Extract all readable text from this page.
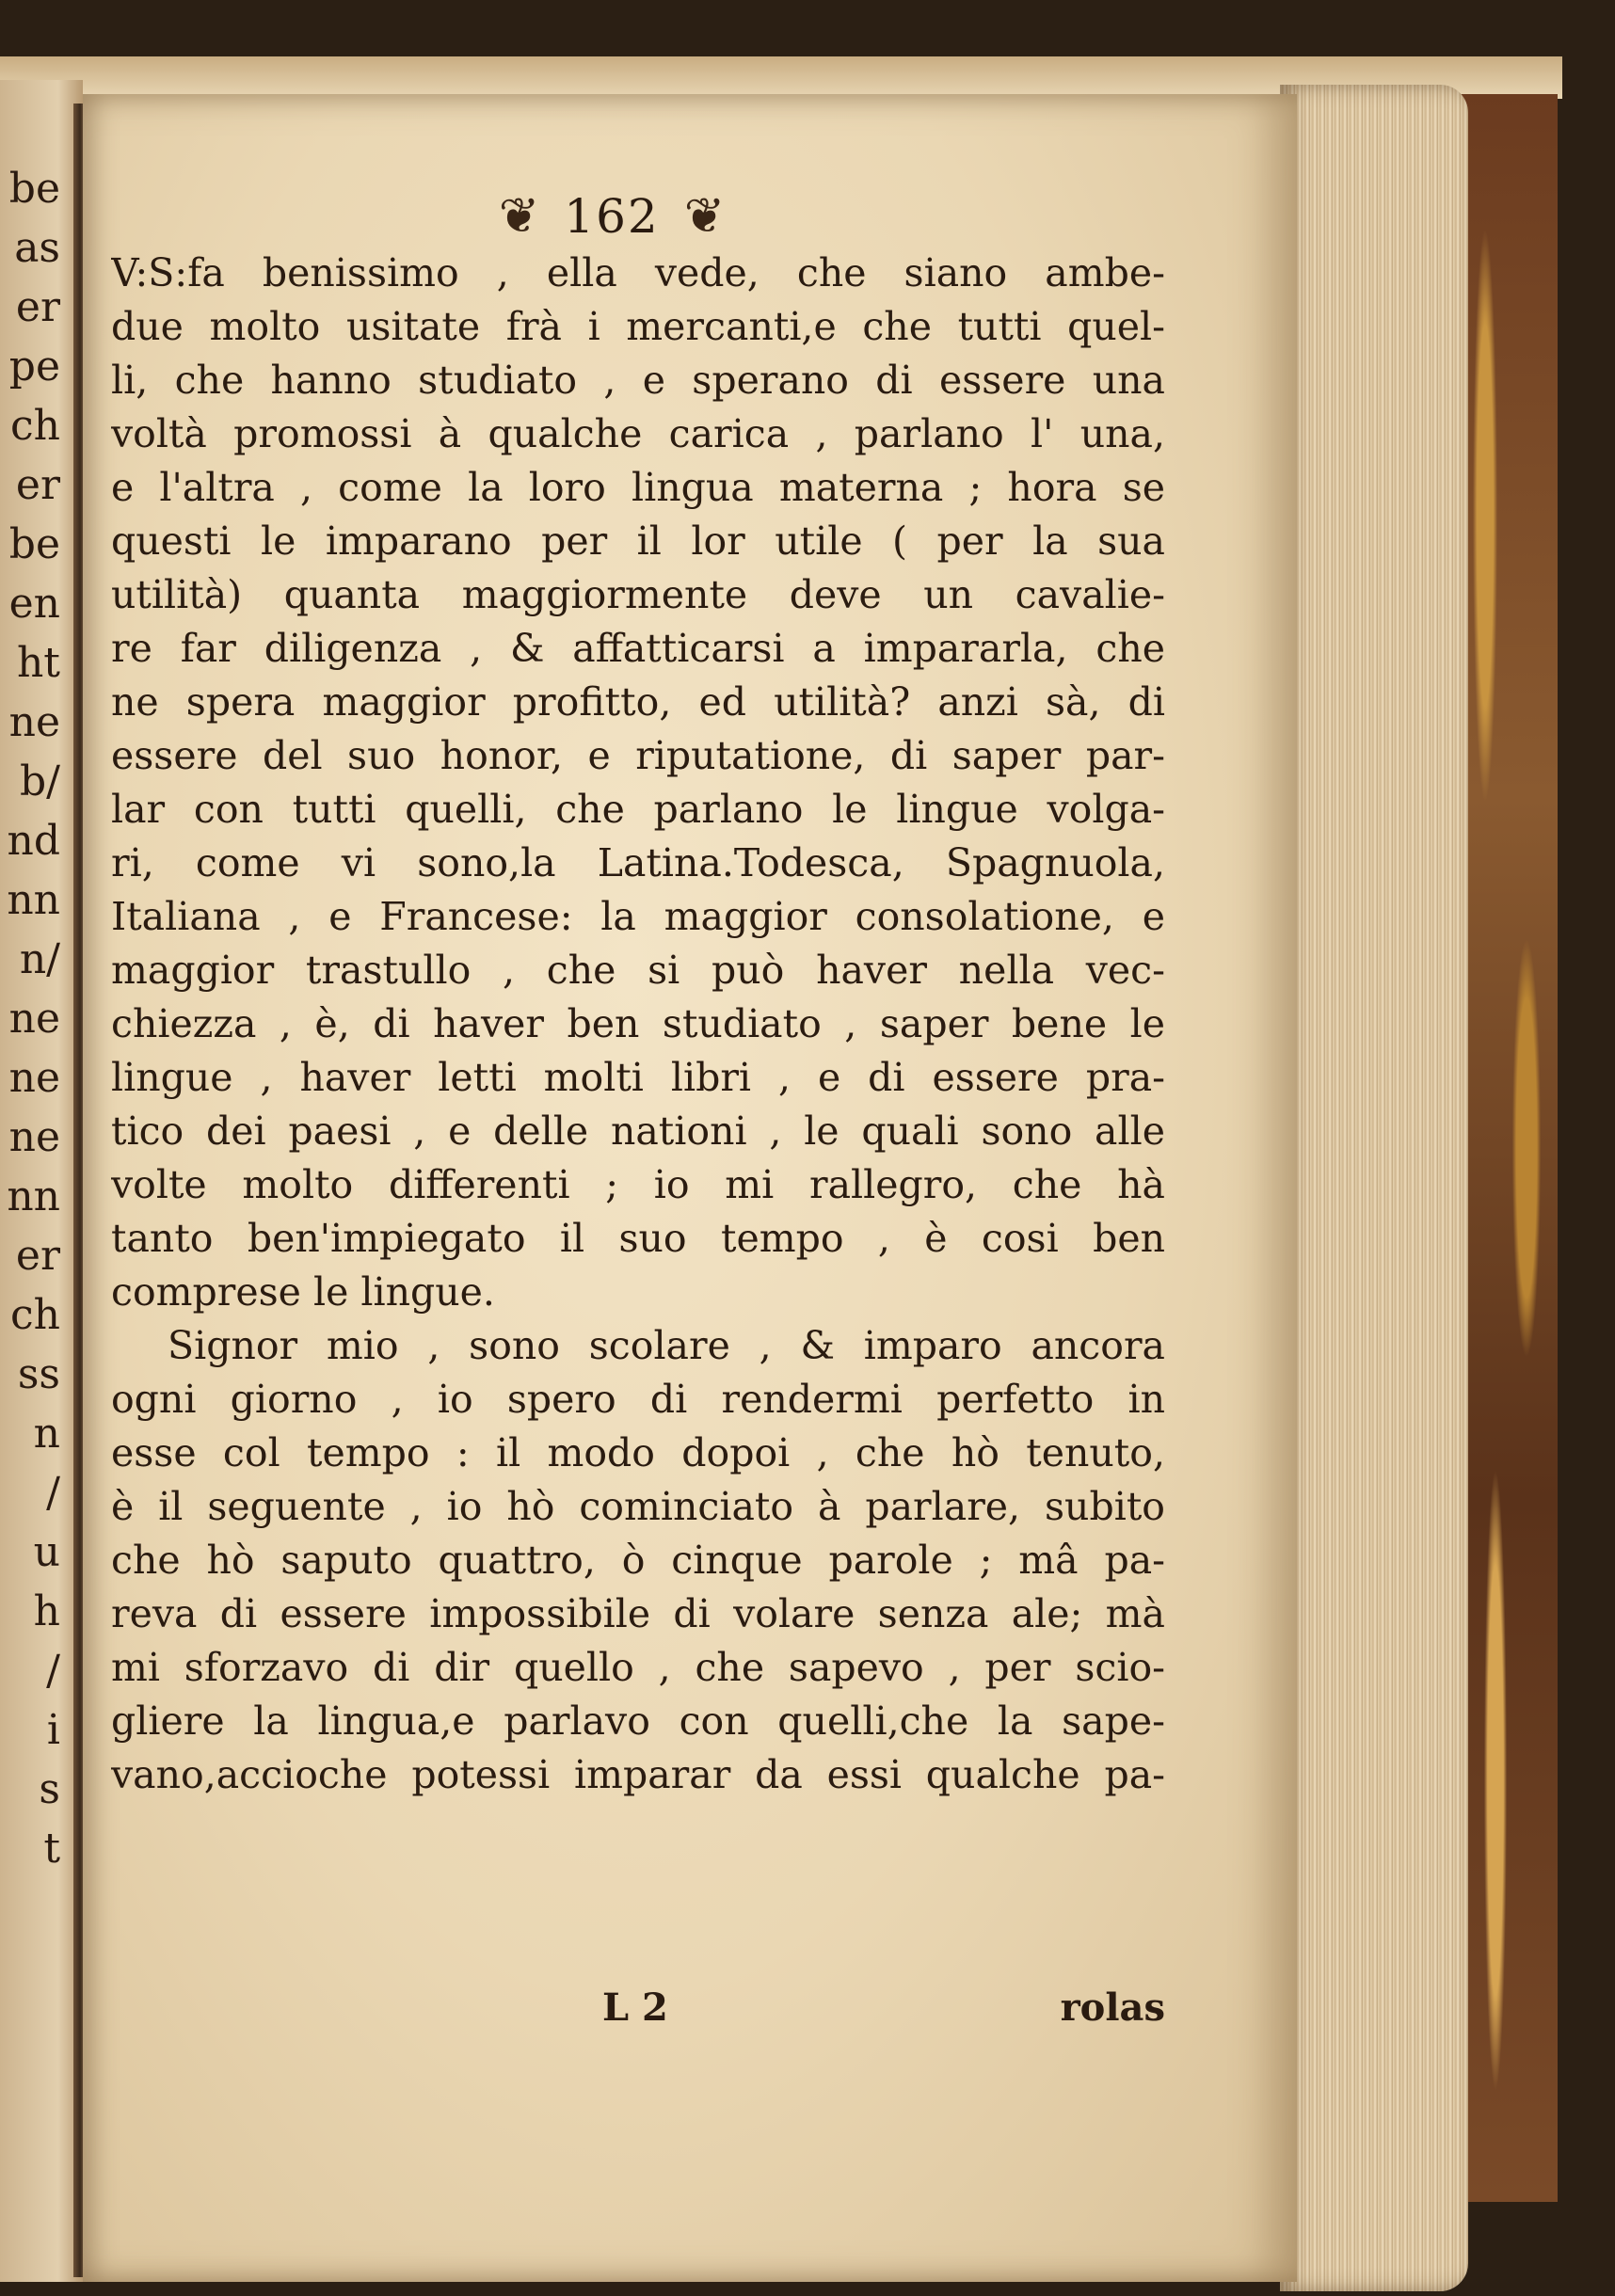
be
as
er
pe
ch
er
be
en
ht
ne
b/
nd
nn
n/
ne
ne
ne
nn
er
ch
ss
n
/
u
h
/
i
s
t
❦ 162 ❦
V:S:fa benissimo , ella vede, che siano ambe-
due molto usitate frà i mercanti,e che tutti quel-
li, che hanno studiato , e sperano di essere una
voltà promossi à qualche carica , parlano l' una,
e l'altra , come la loro lingua materna ; hora se
questi le imparano per il lor utile ( per la sua
utilità) quanta maggiormente deve un cavalie-
re far diligenza , & affatticarsi a impararla, che
ne spera maggior profitto, ed utilità? anzi sà, di
essere del suo honor, e riputatione, di saper par-
lar con tutti quelli, che parlano le lingue volga-
ri, come vi sono,la Latina.Todesca, Spagnuola,
Italiana , e Francese: la maggior consolatione, e
maggior trastullo , che si può haver nella vec-
chiezza , è, di haver ben studiato , saper bene le
lingue , haver letti molti libri , e di essere pra-
tico dei paesi , e delle nationi , le quali sono alle
volte molto differenti ; io mi rallegro, che hà
tanto ben'impiegato il suo tempo , è cosi ben
comprese le lingue.
Signor mio , sono scolare , & imparo ancora
ogni giorno , io spero di rendermi perfetto in
esse col tempo : il modo dopoi , che hò tenuto,
è il seguente , io hò cominciato à parlare, subito
che hò saputo quattro, ò cinque parole ; mâ pa-
reva di essere impossibile di volare senza ale; mà
mi sforzavo di dir quello , che sapevo , per scio-
gliere la lingua,e parlavo con quelli,che la sape-
vano,accioche potessi imparar da essi qualche pa-
L 2	rolas
